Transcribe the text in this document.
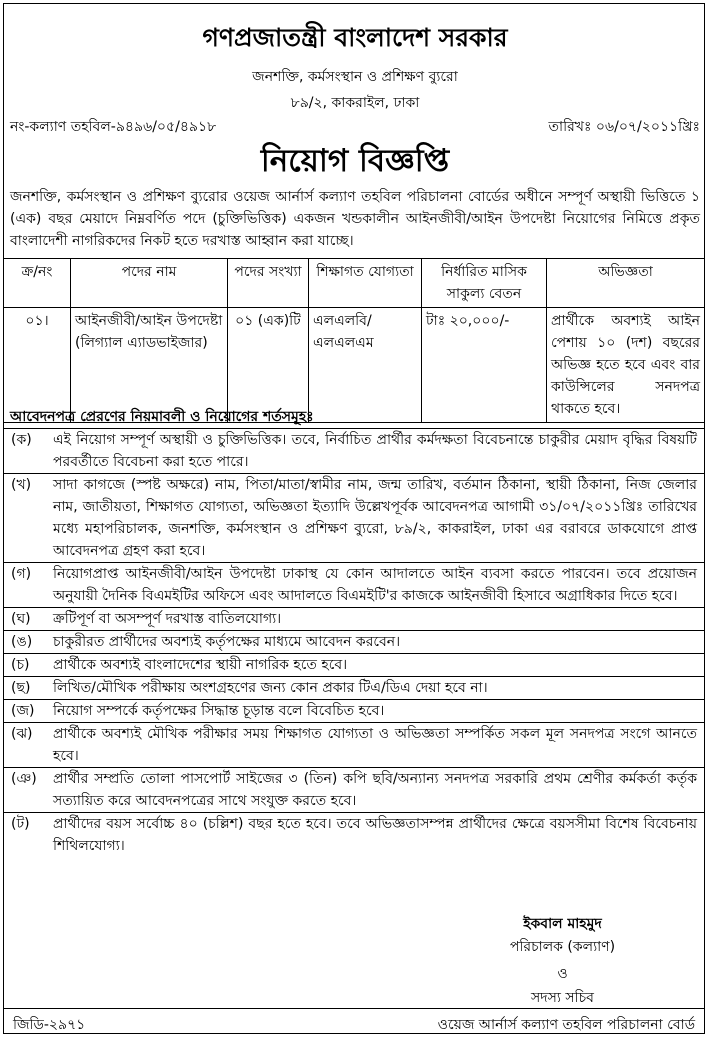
গণপ্রজাতন্ত্রী বাংলাদেশ সরকার
জনশক্তি, কর্মসংস্থান ও প্রশিক্ষণ ব্যুরো
৮৯/২, কাকরাইল, ঢাকা
নং-কল্যাণ তহবিল-৯৪৯৬/০৫/৪৯১৮	তারিখঃ ০৬/০৭/২০১১খ্রিঃ
নিয়োগ বিজ্ঞপ্তি
জনশক্তি, কর্মসংস্থান ও প্রশিক্ষণ ব্যুরোর ওয়েজ আর্নার্স কল্যাণ তহবিল পরিচালনা বোর্ডের অধীনে সম্পূর্ণ অস্থায়ী ভিত্তিতে ১ (এক) বছর মেয়াদে নিম্নবর্ণিত পদে (চুক্তিভিত্তিক) একজন খন্ডকালীন আইনজীবী/আইন উপদেষ্টা নিয়োগের নিমিত্তে প্রকৃত বাংলাদেশী নাগরিকদের নিকট হতে দরখাস্ত আহ্বান করা যাচ্ছে।
ক্র/নং	পদের নাম	পদের সংখ্যা	শিক্ষাগত যোগ্যতা	নির্ধারিত মাসিক সাকুল্য বেতন	অভিজ্ঞতা
০১।	আইনজীবী/আইন উপদেষ্টা (লিগ্যাল এ্যাডভাইজার)	০১ (এক)টি	এলএলবি/ এলএলএম	টাঃ ২০,০০০/-	প্রার্থীকে অবশ্যই আইন পেশায় ১০ (দশ) বছরের অভিজ্ঞ হতে হবে এবং বার কাউন্সিলের সনদপত্র থাকতে হবে।
আবেদনপত্র প্রেরণের নিয়মাবলী ও নিয়োগের শর্তসমূহঃ
(ক)	এই নিয়োগ সম্পূর্ণ অস্থায়ী ও চুক্তিভিত্তিক। তবে, নির্বাচিত প্রার্থীর কর্মদক্ষতা বিবেচনান্তে চাকুরীর মেয়াদ বৃদ্ধির বিষয়টি পরবর্তীতে বিবেচনা করা হতে পারে।
(খ)	সাদা কাগজে (স্পষ্ট অক্ষরে) নাম, পিতা/মাতা/স্বামীর নাম, জন্ম তারিখ, বর্তমান ঠিকানা, স্থায়ী ঠিকানা, নিজ জেলার নাম, জাতীয়তা, শিক্ষাগত যোগ্যতা, অভিজ্ঞতা ইত্যাদি উল্লেখপূর্বক আবেদনপত্র আগামী ৩১/০৭/২০১১খ্রিঃ তারিখের মধ্যে মহাপরিচালক, জনশক্তি, কর্মসংস্থান ও প্রশিক্ষণ ব্যুরো, ৮৯/২, কাকরাইল, ঢাকা এর বরাবরে ডাকযোগে প্রাপ্ত আবেদনপত্র গ্রহণ করা হবে।
(গ)	নিয়োগপ্রাপ্ত আইনজীবী/আইন উপদেষ্টা ঢাকাস্থ যে কোন আদালতে আইন ব্যবসা করতে পারবেন। তবে প্রয়োজন অনুযায়ী দৈনিক বিএমইটির অফিসে এবং আদালতে বিএমইটি'র কাজকে আইনজীবী হিসাবে অগ্রাধিকার দিতে হবে।
(ঘ)	ক্রটিপূর্ণ বা অসম্পূর্ণ দরখাস্ত বাতিলযোগ্য।
(ঙ)	চাকুরীরত প্রার্থীদের অবশ্যই কর্তৃপক্ষের মাধ্যমে আবেদন করবেন।
(চ)	প্রার্থীকে অবশ্যই বাংলাদেশের স্থায়ী নাগরিক হতে হবে।
(ছ)	লিখিত/মৌখিক পরীক্ষায় অংশগ্রহণের জন্য কোন প্রকার টিএ/ডিএ দেয়া হবে না।
(জ)	নিয়োগ সম্পর্কে কর্তৃপক্ষের সিদ্ধান্ত চূড়ান্ত বলে বিবেচিত হবে।
(ঝ)	প্রার্থীকে অবশ্যই মৌখিক পরীক্ষার সময় শিক্ষাগত যোগ্যতা ও অভিজ্ঞতা সম্পর্কিত সকল মূল সনদপত্র সংগে আনতে হবে।
(ঞ)	প্রার্থীর সম্প্রতি তোলা পাসপোর্ট সাইজের ৩ (তিন) কপি ছবি/অন্যান্য সনদপত্র সরকারি প্রথম শ্রেণীর কর্মকর্তা কর্তৃক সত্যায়িত করে আবেদনপত্রের সাথে সংযুক্ত করতে হবে।
(ট)	প্রার্থীদের বয়স সর্বোচ্চ ৪০ (চল্লিশ) বছর হতে হবে। তবে অভিজ্ঞতাসম্পন্ন প্রার্থীদের ক্ষেত্রে বয়সসীমা বিশেষ বিবেচনায় শিথিলযোগ্য।
ইকবাল মাহমুদ
পরিচালক (কল্যাণ)
ও
সদস্য সচিব
জিডি-২৯৭১	ওয়েজ আর্নার্স কল্যাণ তহবিল পরিচালনা বোর্ড
